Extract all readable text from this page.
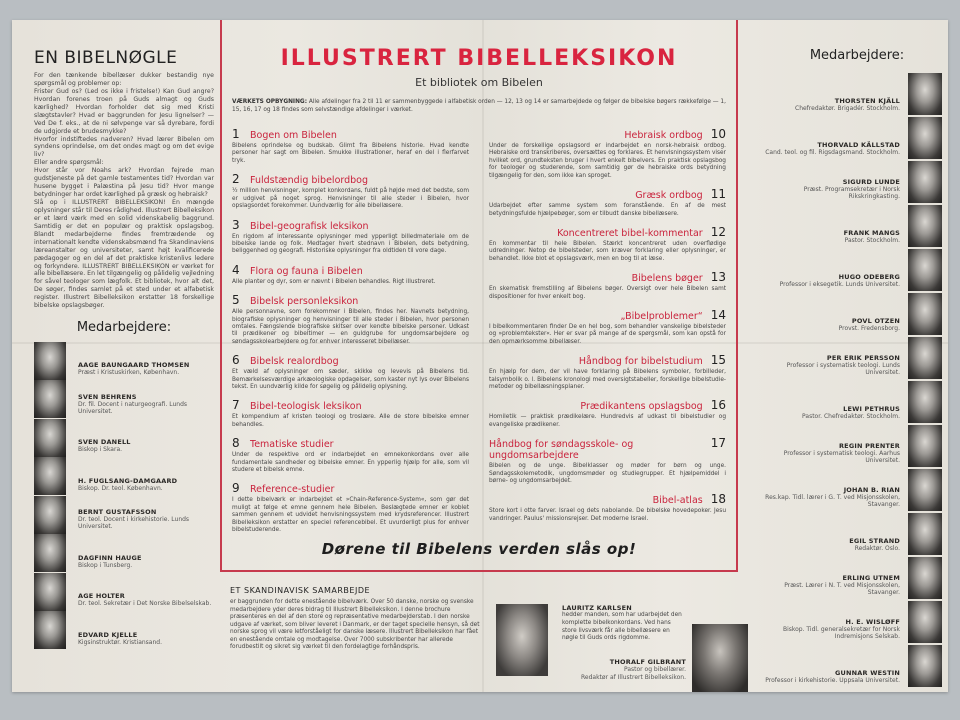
EN BIBELNØGLE

For den tænkende bibellæser dukker bestandig nye spørgsmål og problemer op:

Frister Gud os? (Led os ikke i fristelse!) Kan Gud angre? Hvordan forenes troen på Guds almagt og Guds kærlighed? Hvordan forholder det sig med Kristi slægtstavler? Hvad er baggrunden for Jesu lignelser? — Ved De f. eks., at de ni sølvpenge var så dyrebare, fordi de udgjorde et brudesmykke?

Hvorfor indstiftedes nadveren? Hvad lærer Bibelen om syndens oprindelse, om det ondes magt og om det evige liv?

Eller andre spørgsmål:

Hvor står vor Noahs ark? Hvordan fejrede man gudstjeneste på det gamle testamentes tid? Hvordan var husene bygget i Palæstina på Jesu tid? Hvor mange betydninger har ordet kærlighed på græsk og hebraisk?

Slå op i ILLUSTRERT BIBELLEKSIKON! En mængde oplysninger står til Deres rådighed. Illustrert Bibelleksikon er et lærd værk med en solid videnskabelig baggrund. Samtidig er det en populær og praktisk opslagsbog. Blandt medarbejderne findes fremtrædende og internationalt kendte videnskabsmænd fra Skandinaviens læreanstalter og universiteter, samt højt kvalificerede pædagoger og en del af det praktiske kristenlivs ledere og forkyndere. ILLUSTRERT BIBELLEKSIKON er værket for alle bibellæsere. En let tilgængelig og pålidelig vejledning for såvel teologer som lægfolk. Et bibliotek, hvor alt det, De søger, findes samlet på et sted under et alfabetisk register. Illustrert Bibelleksikon erstatter 18 forskellige bibelske opslagsbøger.

Medarbejdere:
AAGE BAUNGAARD THOMSEN
Præst i Kristuskirken, København.
SVEN BEHRENS
Dr. fil. Docent i naturgeografi. Lunds Universitet.
SVEN DANELL
Biskop i Skara.
H. FUGLSANG-DAMGAARD
Biskop. Dr. teol. København.
BERNT GUSTAFSSON
Dr. teol. Docent i kirkehistorie. Lunds Universitet.
DAGFINN HAUGE
Biskop i Tunsberg.
AGE HOLTER
Dr. teol. Sekretær i Det Norske Bibelselskab.
EDVARD KJELLE
Kigsinstruktør. Kristiansand.
ILLUSTRERT BIBELLEKSIKON
Et bibliotek om Bibelen
VÆRKETS OPBYGNING: Alle afdelinger fra 2 til 11 er sammenbyggede i alfabetisk orden — 12, 13 og 14 er samarbejdede og følger de bibelske bøgers rækkefølge — 1, 15, 16, 17 og 18 findes som selvstændige afdelinger i værket.
1	Bogen om Bibelen
Bibelens oprindelse og budskab. Glimt fra Bibelens historie. Hvad kendte personer har sagt om Bibelen. Smukke illustrationer, heraf en del i flerfarvet tryk.
2	Fuldstændig bibelordbog
½ million henvisninger, komplet konkordans, fuldt på højde med det bedste, som er udgivet på noget sprog. Henvisninger til alle steder i Bibelen, hvor opslagsordet forekommer. Uundværlig for alle bibellæsere.
3	Bibel-geografisk leksikon
En rigdom af interessante oplysninger med ypperligt billedmateriale om de bibelske lande og folk. Medtager hvert stednavn i Bibelen, dets betydning, beliggenhed og geografi. Historiske oplysninger fra oldtiden til vore dage.
4	Flora og fauna i Bibelen
Alle planter og dyr, som er nævnt i Bibelen behandles. Rigt illustreret.
5	Bibelsk personleksikon
Alle personnavne, som forekommer i Bibelen, findes her. Navnets betydning, biografiske oplysninger og henvisninger til alle steder i Bibelen, hvor personen omtales. Fængslende biografiske skitser over kendte bibelske personer. Udkast til prædikener og bibeltimer — en guldgrube for ungdomsarbejdere og søndagsskolearbejdere og for enhver interesseret bibellæser.
6	Bibelsk realordbog
Et væld af oplysninger om sæder, skikke og levevis på Bibelens tid. Bemærkelsesværdige arkæologiske opdagelser, som kaster nyt lys over Bibelens tekst. En uundværlig kilde for søgelig og pålidelig oplysning.
7	Bibel-teologisk leksikon
Et kompendium af kristen teologi og troslære. Alle de store bibelske emner behandles.
8	Tematiske studier
Under de respektive ord er indarbejdet en emnekonkordans over alle fundamentale sandheder og bibelske emner. En ypperlig hjælp for alle, som vil studere et bibelsk emne.
9	Reference-studier
I dette bibelværk er indarbejdet et »Chain-Reference-System«, som gør det muligt at følge et emne gennem hele Bibelen. Beslægtede emner er koblet sammen gennem et udvidet henvisningssystem med krydsreferencer. Illustrert Bibelleksikon erstatter en speciel referencebibel. Et uvurderligt plus for enhver bibelstuderende.
Hebraisk ordbog 10
Under de forskellige opslagsord er indarbejdet en norsk-hebraisk ordbog. Hebraiske ord transkriberes, oversættes og forklares. Et henvisningssystem viser hvilket ord, grundteksten bruger i hvert enkelt bibelvers. En praktisk opslagsbog for teologer og studerende, som samtidig gør de hebraiske ords betydning tilgængelig for den, som ikke kan sproget.
Græsk ordbog 11
Udarbejdet efter samme system som foranstående. En af de mest betydningsfulde hjælpebøger, som er tilbudt danske bibellæsere.
Koncentreret bibel-kommentar 12
En kommentar til hele Bibelen. Stærkt koncentreret uden overflødige udredninger. Netop de bibelsteder, som kræver forklaring eller oplysninger, er behandlet. Ikke blot et opslagsværk, men en bog til at læse.
Bibelens bøger 13
En skematisk fremstilling af Bibelens bøger. Oversigt over hele Bibelen samt dispositioner for hver enkelt bog.
„Bibelproblemer“ 14
I bibelkommentaren finder De en hel bog, som behandler vanskelige bibelsteder og »problemtekster«. Her er svar på mange af de spørgsmål, som kan opstå for den opmærksomme bibellæser.
Håndbog for bibelstudium 15
En hjælp for dem, der vil have forklaring på Bibelens symboler, forbilleder, talsymbolik o. l. Bibelens kronologi med oversigtstabeller, forskellige bibelstudie-metoder og bibellæsningsplaner.
Prædikantens opslagsbog 16
Homiletik — praktisk prædikelære. Hundredvis af udkast til bibelstudier og evangeliske prædikener.
Håndbog for søndagsskole- og ungdomsarbejdere
17
Bibelen og de unge. Bibelklasser og møder for børn og unge. Søndagsskolemetodik, ungdomsmøder og studiegrupper. Et hjælpemiddel i børne- og ungdomsarbejdet.
Bibel-atlas 18
Store kort i otte farver. Israel og dets nabolande. De bibelske hovedepoker. Jesu vandringer. Paulus' missionsrejser. Det moderne Israel.
Dørene til Bibelens verden slås op!
ET SKANDINAVISK SAMARBEJDE

er baggrunden for dette enestående bibelværk. Over 50 danske, norske og svenske medarbejdere yder deres bidrag til Illustrert Bibelleksikon. I denne brochure præsenteres en del af den store og repræsentative medarbejderstab. I den norske udgave af værket, som bliver leveret i Danmark, er der taget specielle hensyn, så det norske sprog vil være letforståeligt for danske læsere. Illustrert Bibelleksikon har fået en enestående omtale og modtagelse. Over 7000 subskribenter har allerede forudbestilt og sikret sig værket til den fordelagtige forhåndspris.

LAURITZ KARLSEN
hedder manden, som har udarbejdet den komplette bibelkonkordans. Ved hans store livsværk får alle bibellæsere en nøgle til Guds ords rigdomme.
THORALF GILBRANT
Pastor og bibellærer.
Redaktør af Illustrert Bibelleksikon.
Medarbejdere:
THORSTEN KJÄLL
Chefredaktør. Brigadér. Stockholm.
THORVALD KÄLLSTAD
Cand. teol. og fil. Rigsdagsmand. Stockholm.
SIGURD LUNDE
Præst. Programsekretær i Norsk Rikskringkasting.
FRANK MANGS
Pastor. Stockholm.
HUGO ODEBERG
Professor i eksegetik. Lunds Universitet.
POVL OTZEN
Provst. Fredensborg.
PER ERIK PERSSON
Professor i systematisk teologi. Lunds Universitet.
LEWI PETHRUS
Pastor. Chefredaktør. Stockholm.
REGIN PRENTER
Professor i systematisk teologi. Aarhus Universitet.
JOHAN B. RIAN
Res.kap. Tidl. lærer i G. T. ved Misjonsskolen, Stavanger.
EGIL STRAND
Redaktør. Oslo.
ERLING UTNEM
Præst. Lærer i N. T. ved Misjonsskolen, Stavanger.
H. E. WISLØFF
Biskop. Tidl. generalsekretær for Norsk Indremisjons Selskab.
GUNNAR WESTIN
Professor i kirkehistorie. Uppsala Universitet.
